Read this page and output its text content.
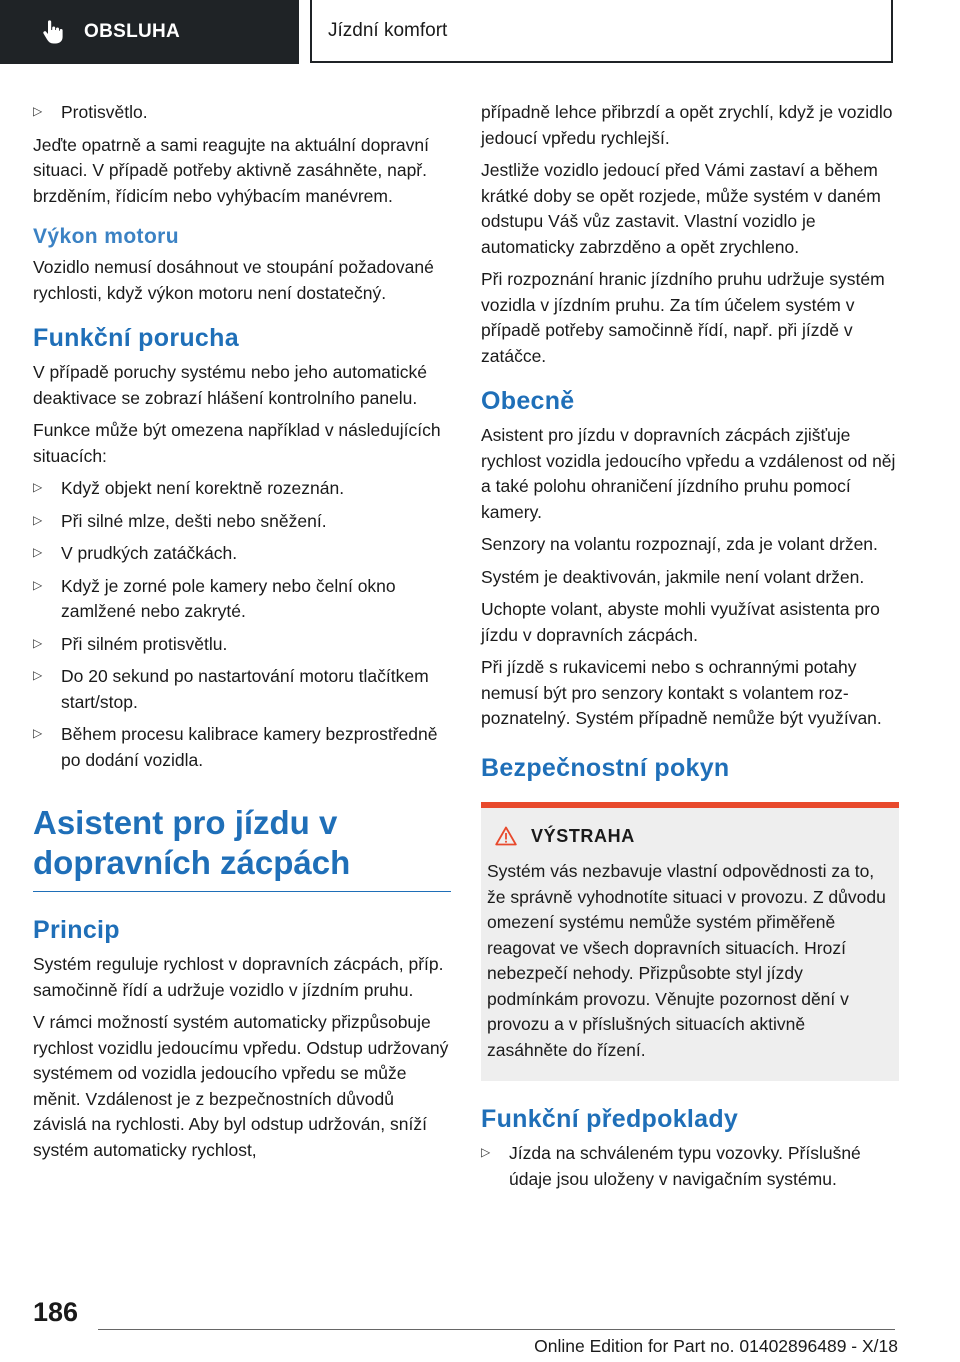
OBSLUHA	Jízdní komfort
▷ Protisvětlo.

Jeďte opatrně a sami reagujte na aktuální dopravní situaci. V případě potřeby aktivně zasáhněte, např. brzděním, řídicím nebo vyhýbacím manévrem.

Výkon motoru

Vozidlo nemusí dosáhnout ve stoupání požadované rychlosti, když výkon motoru není dostatečný.

Funkční porucha

V případě poruchy systému nebo jeho automatické deaktivace se zobrazí hlášení kontrolního panelu.

Funkce může být omezena například v následujících situacích:

▷ Když objekt není korektně rozeznán.
▷ Při silné mlze, dešti nebo sněžení.
▷ V prudkých zatáčkách.
▷ Když je zorné pole kamery nebo čelní okno zamlžené nebo zakryté.
▷ Při silném protisvětlu.
▷ Do 20 sekund po nastartování motoru tlačítkem start/stop.
▷ Během procesu kalibrace kamery bezprostředně po dodání vozidla.
Asistent pro jízdu v dopravních zácpách
Princip

Systém reguluje rychlost v dopravních zácpách, příp. samočinně řídí a udržuje vozidlo v jízdním pruhu.

V rámci možností systém automaticky přizpůsobuje rychlost vozidlu jedoucímu vpředu. Odstup udržovaný systémem od vozidla jedoucího vpředu se může měnit. Vzdálenost je z bezpečnostních důvodů závislá na rychlosti. Aby byl odstup udržován, sníží systém automaticky rychlost,

případně lehce přibrzdí a opět zrychlí, když je vozidlo jedoucí vpředu rychlejší.

Jestliže vozidlo jedoucí před Vámi zastaví a během krátké doby se opět rozjede, může systém v daném odstupu Váš vůz zastavit. Vlastní vozidlo je automaticky zabrzděno a opět zrychleno.

Při rozpoznání hranic jízdního pruhu udržuje systém vozidla v jízdním pruhu. Za tím účelem systém v případě potřeby samočinně řídí, např. při jízdě v zatáčce.

Obecně

Asistent pro jízdu v dopravních zácpách zjišťuje rychlost vozidla jedoucího vpředu a vzdálenost od něj a také polohu ohraničení jízdního pruhu pomocí kamery.

Senzory na volantu rozpoznají, zda je volant držen.

Systém je deaktivován, jakmile není volant držen.

Uchopte volant, abyste mohli využívat asistenta pro jízdu v dopravních zácpách.

Při jízdě s rukavicemi nebo s ochrannými potahy nemusí být pro senzory kontakt s volantem rozpoznatelný. Systém případně nemůže být využívan.

Bezpečnostní pokyn
VÝSTRAHA
Systém vás nezbavuje vlastní odpovědnosti za to, že správně vyhodnotíte situaci v provozu. Z důvodu omezení systému nemůže systém přiměřeně reagovat ve všech dopravních situacích. Hrozí nebezpečí nehody. Přizpůsobte styl jízdy podmínkám provozu. Věnujte pozornost dění v provozu a v příslušných situacích aktivně zasáhněte do řízení.
Funkční předpoklady
▷ Jízda na schváleném typu vozovky. Příslušné údaje jsou uloženy v navigačním systému.
186
Online Edition for Part no. 01402896489 - X/18
